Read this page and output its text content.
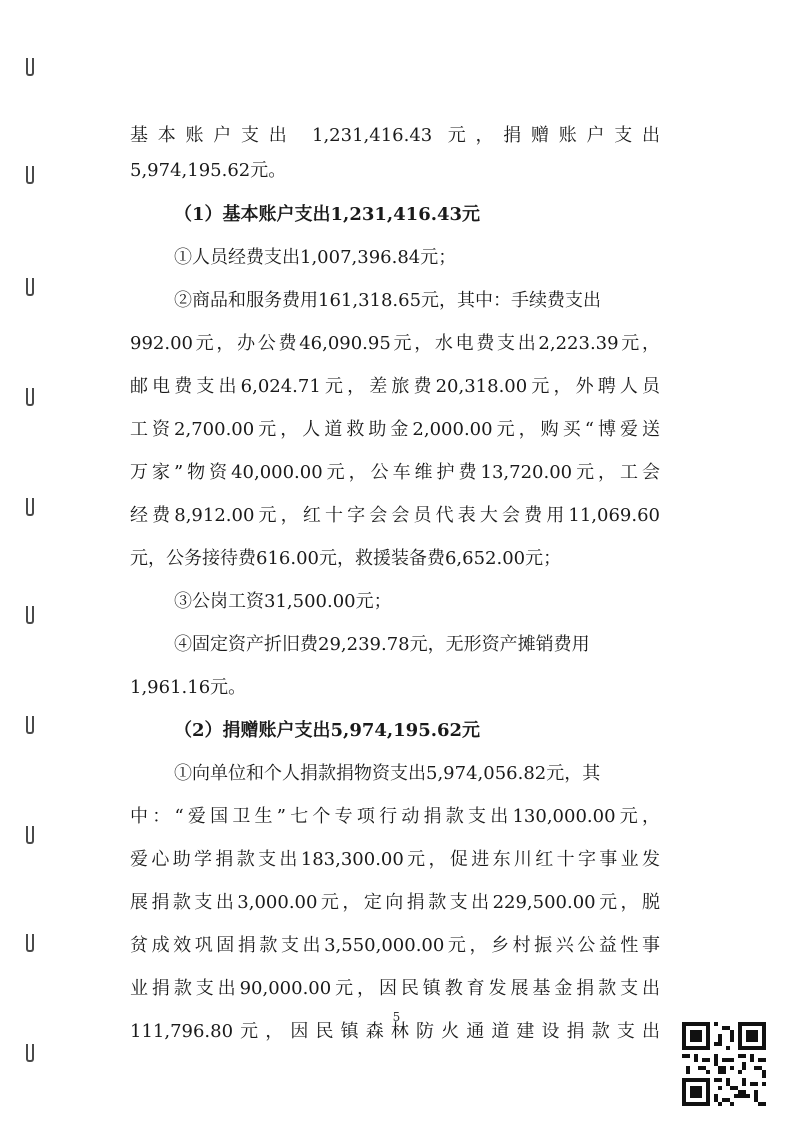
基本账户支出 1,231,416.43 元，捐赠账户支出
5,974,195.62元。
（1）基本账户支出1,231,416.43元
①人员经费支出1,007,396.84元；
②商品和服务费用161,318.65元，其中：手续费支出
992.00元，办公费46,090.95元，水电费支出2,223.39元，
邮电费支出6,024.71元，差旅费20,318.00元，外聘人员
工资2,700.00元，人道救助金2,000.00元，购买“博爱送
万家”物资40,000.00元，公车维护费13,720.00元，工会
经费8,912.00元，红十字会会员代表大会费用11,069.60
元，公务接待费616.00元，救援装备费6,652.00元；
③公岗工资31,500.00元；
④固定资产折旧费29,239.78元，无形资产摊销费用
1,961.16元。
（2）捐赠账户支出5,974,195.62元
①向单位和个人捐款捐物资支出5,974,056.82元，其
中：“爱国卫生”七个专项行动捐款支出130,000.00元，
爱心助学捐款支出183,300.00元，促进东川红十字事业发
展捐款支出3,000.00元，定向捐款支出229,500.00元，脱
贫成效巩固捐款支出3,550,000.00元，乡村振兴公益性事
业捐款支出90,000.00元，因民镇教育发展基金捐款支出
111,796.80元，因民镇森林防火通道建设捐款支出
5
